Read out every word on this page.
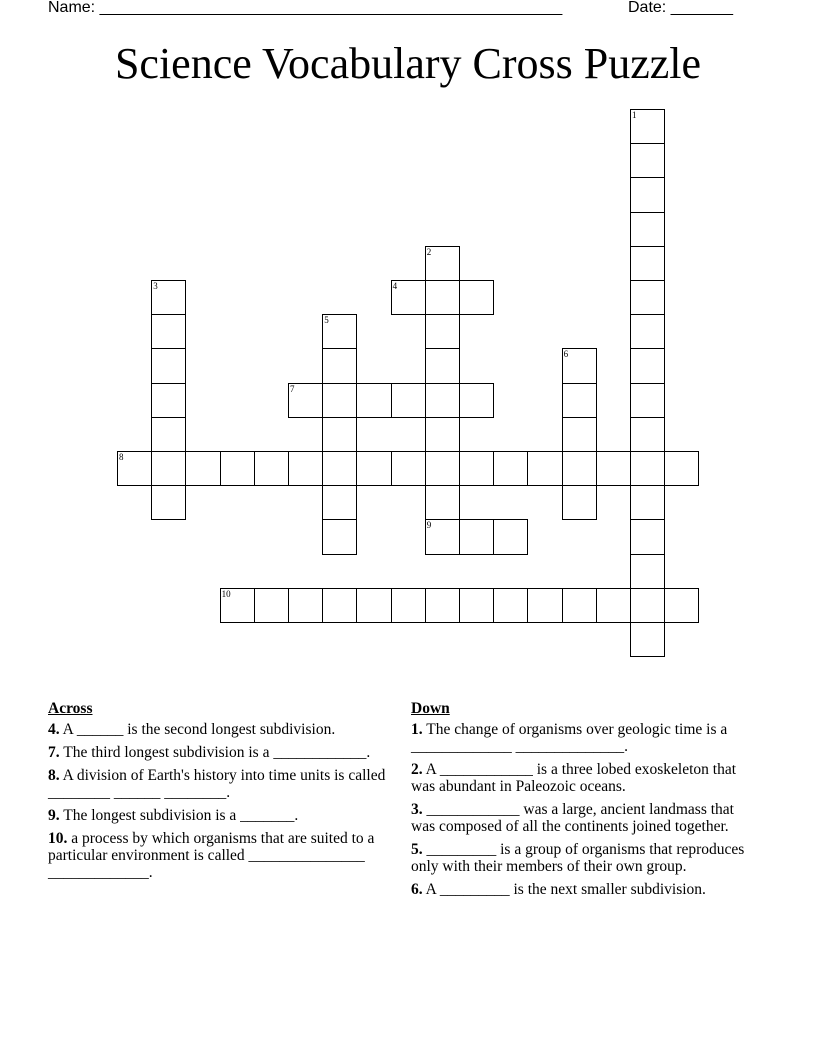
Name: ____________________________________________________	Date: _______
Science Vocabulary Cross Puzzle
1
2
9
3	4
5
6
7
8
10
Across
4. A ______ is the second longest subdivision.
7. The third longest subdivision is a ____________.
8. A division of Earth's history into time units is called ________ ______ ________.
9. The longest subdivision is a _______.
10. a process by which organisms that are suited to a particular environment is called _______________ _____________.
Down
1. The change of organisms over geologic time is a _____________ ______________.
2. A ____________ is a three lobed exoskeleton that was abundant in Paleozoic oceans.
3. ____________ was a large, ancient landmass that was composed of all the continents joined together.
5. _________ is a group of organisms that reproduces only with their members of their own group.
6. A _________ is the next smaller subdivision.
